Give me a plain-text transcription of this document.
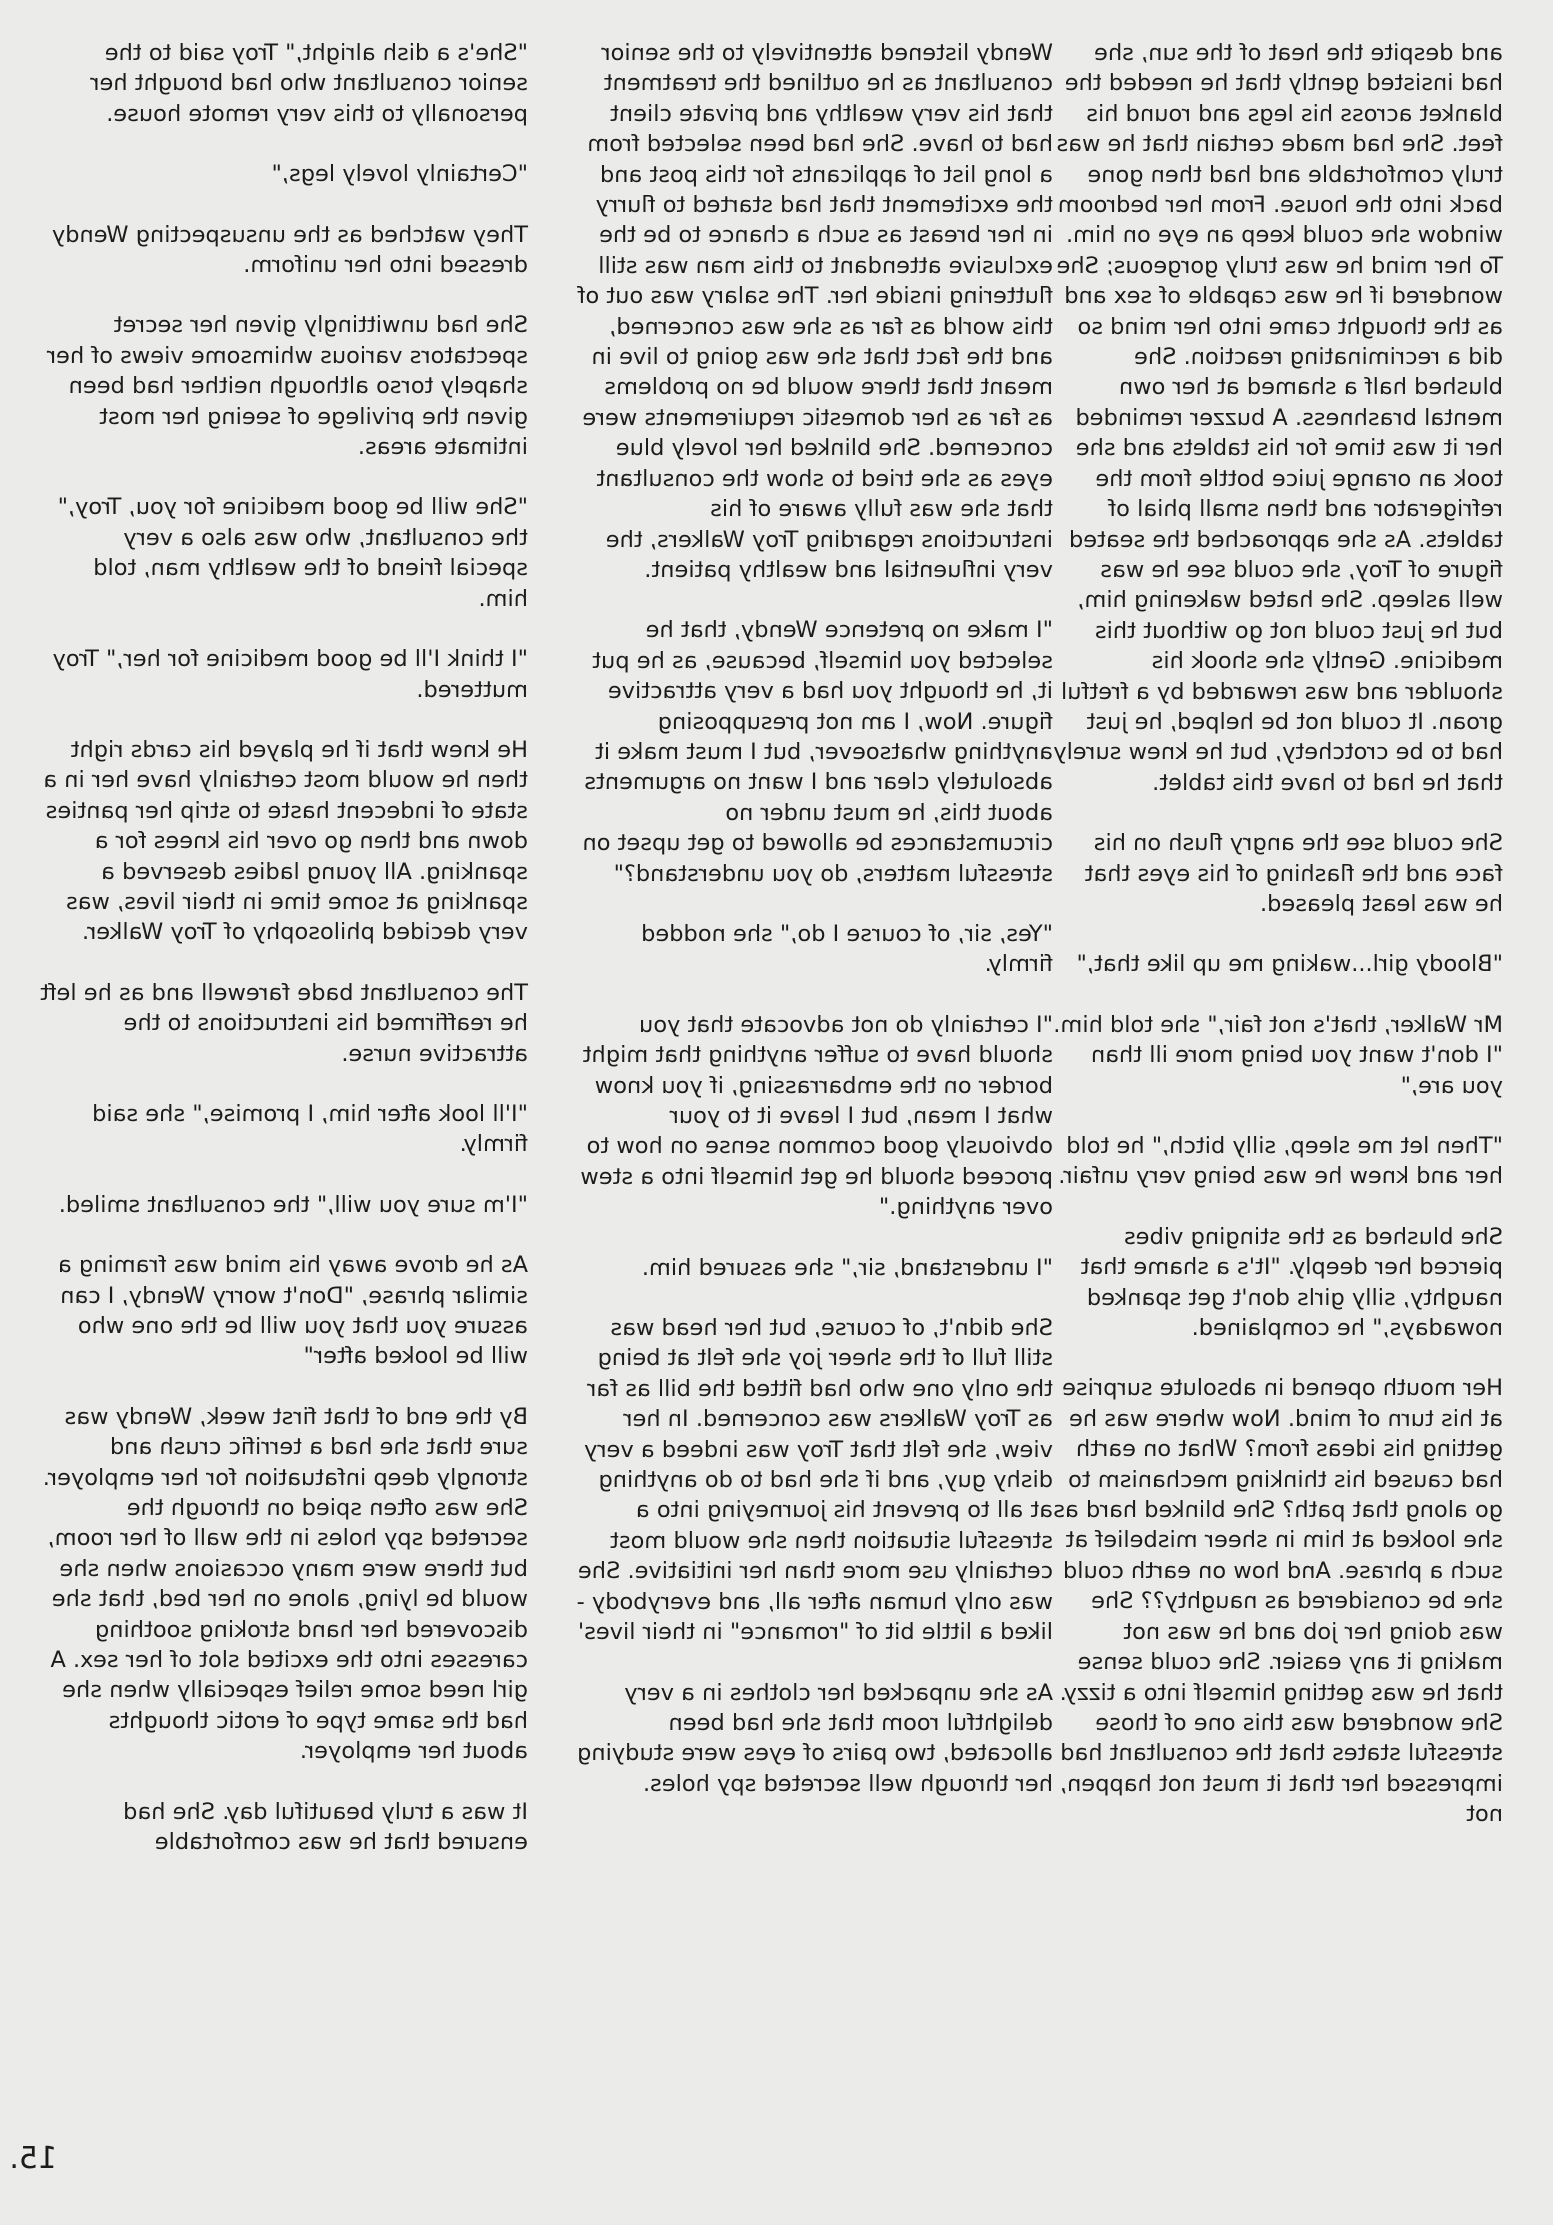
Wendy listened attentively to the senior consultant as he outlined the treatment that his very wealthy and private client had to have. She had been selected from a long list of applicants for this post and the excitement that had started to flurry in her breast as such a chance to be the exclusive attendant to this man was still fluttering inside her. The salary was out of this world as far as she was concerned, and the fact that she was going to live in meant that there would be no problems as far as her domestic requirements were concerned. She blinked her lovely blue eyes as she tried to show the consultant that she was fully aware of his instructions regarding Troy Walkers, the very influential and wealthy patient.

"I make no pretence Wendy, that he selected you himself, because, as he put it, he thought you had a very attractive figure. Now, I am not presupposing anything whatsoever, but I must make it absolutely clear and I want no arguments about this, he must under no circumstances be allowed to get upset on stressful matters, do you understand?"

"Yes, sir, of course I do," she nodded firmly.

"I certainly do not advocate that you should have to suffer anything that might border on the embarrassing, if you know what I mean, but I leave it to your obviously good common sense on how to proceed should he get himself into a stew over anything."

"I understand, sir," she assured him.

She didn't, of course, but her head was still full of the sheer joy she felt at being the only one who had fitted the bill as far as Troy Walkers was concerned. In her view, she felt that Troy was indeed a very dishy guy, and if she had to do anything at all to prevent his journeying into a stressful situation then she would most certainly use more than her initiative. She was only human after all, and everybody - liked a little bit of "romance" in their lives'

As she unpacked her clothes in a very delightful room that she had been allocated, two pairs of eyes were studying her through well secreted spy holes.

"She's a dish alright," Troy said to the senior consultant who had brought her personally to this very remote house.

"Certainly lovely legs,"

They watched as the unsuspecting Wendy dressed into her uniform.

She had unwittingly given her secret spectators various whimsome views of her shapely torso although neither had been given the privilege of seeing her most intimate areas.

"She will be good medicine for you, Troy," the consultant, who was also a very special friend of the wealthy man, told him.

"I think I'll be good medicine for her," Troy muttered.

He knew that if he played his cards right then he would most certainly have her in a state of indecent haste to strip her panties down and then go over his knees for a spanking. All young ladies deserved a spanking at some time in their lives, was very decided philosophy of Troy Walker.

The consultant bade farewell and as he left he reaffirmed his instructions to the attractive nurse.

"I'll look after him, I promise," she said firmly.

"I'm sure you will," the consultant smiled.

As he drove away his mind was framing a similar phrase, "Don't worry Wendy, I can assure you that you will be the one who will be looked after"

By the end of that first week, Wendy was sure that she had a terrific crush and strongly deep infatuation for her employer. She was often spied on through the secreted spy holes in the wall of her room, but there were many occasions when she would be lying, alone on her bed, that she discovered her hand stroking soothing caresses into the excited slot of her sex. A girl need some relief especially when she had the same type of erotic thoughts about her employer.

It was a truly beautiful day. She had ensured that he was comfortable

and despite the heat of the sun, she had insisted gently that he needed the blanket across his legs and round his feet. She had made certain that he was truly comfortable and had then gone back into the house. From her bedroom window she could keep an eye on him. To her mind he was truly gorgeous; She wondered if he was capable of sex and as the thought came into her mind so did a recriminating reaction. She blushed half a shamed at her own mental brashness. A buzzer reminded her it was time for his tablets and she took an orange juice bottle from the refrigerator and then small phial of tablets. As she approached the seated figure of Troy, she could see he was well asleep. She hated wakening him, but he just could not go without this medicine. Gently she shook his shoulder and was rewarded by a fretful groan. It could not be helped, he just had to be crotchety, but he knew surely that he had to have this tablet.

She could see the angry flush on his face and the flashing of his eyes that he was least pleased.

"Bloody girl...waking me up like that,"

Mr Walker, that's not fair," she told him. "I don't want you being more ill than you are,"

"Then let me sleep, silly bitch," he told her and knew he was being very unfair.

She blushed as the stinging vibes pierced her deeply. "It's a shame that naughty, silly girls don't get spanked nowadays," he complained.

Her mouth opened in absolute surprise at his turn of mind. Now where was he getting his ideas from? What on earth had caused his thinking mechanism to go along that path? She blinked hard as she looked at him in sheer misbelief at such a phrase. And how on earth could she be considered as naughty?? She was doing her job and he was not making it any easier. She could sense that he was getting himself into a tizzy. She wondered was this one of those stressful states that the consultant had impressed her that it must not happen, not

15.
